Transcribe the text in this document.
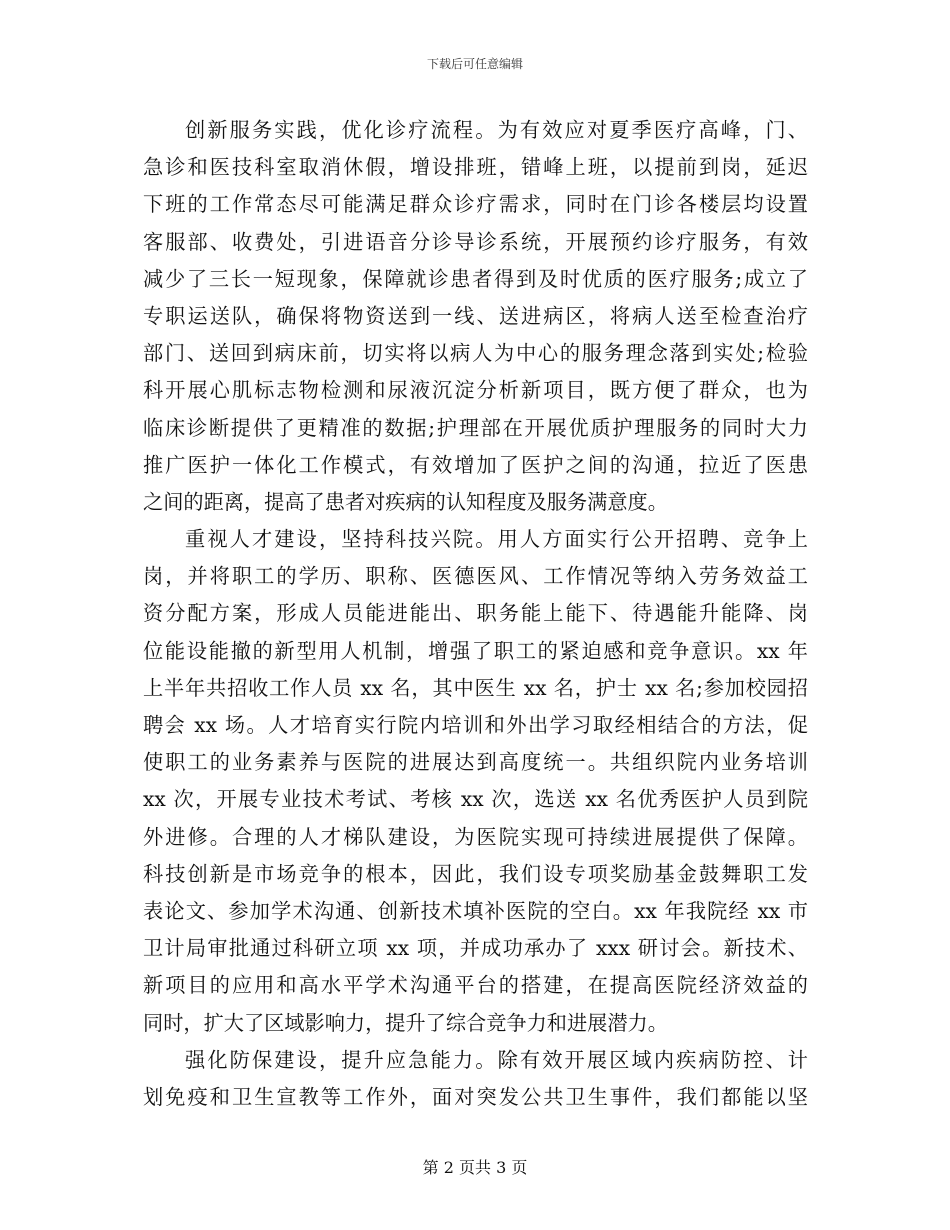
下载后可任意编辑
创新服务实践，优化诊疗流程。为有效应对夏季医疗高峰，门、
急诊和医技科室取消休假，增设排班，错峰上班，以提前到岗，延迟
下班的工作常态尽可能满足群众诊疗需求，同时在门诊各楼层均设置
客服部、收费处，引进语音分诊导诊系统，开展预约诊疗服务，有效
减少了三长一短现象，保障就诊患者得到及时优质的医疗服务;成立了
专职运送队，确保将物资送到一线、送进病区，将病人送至检查治疗
部门、送回到病床前，切实将以病人为中心的服务理念落到实处;检验
科开展心肌标志物检测和尿液沉淀分析新项目，既方便了群众，也为
临床诊断提供了更精准的数据;护理部在开展优质护理服务的同时大力
推广医护一体化工作模式，有效增加了医护之间的沟通，拉近了医患
之间的距离，提高了患者对疾病的认知程度及服务满意度。
重视人才建设，坚持科技兴院。用人方面实行公开招聘、竞争上
岗，并将职工的学历、职称、医德医风、工作情况等纳入劳务效益工
资分配方案，形成人员能进能出、职务能上能下、待遇能升能降、岗
位能设能撤的新型用人机制，增强了职工的紧迫感和竞争意识。xx 年
上半年共招收工作人员 xx 名，其中医生 xx 名，护士 xx 名;参加校园招
聘会 xx 场。人才培育实行院内培训和外出学习取经相结合的方法，促
使职工的业务素养与医院的进展达到高度统一。共组织院内业务培训
xx 次，开展专业技术考试、考核 xx 次，选送 xx 名优秀医护人员到院
外进修。合理的人才梯队建设，为医院实现可持续进展提供了保障。
科技创新是市场竞争的根本，因此，我们设专项奖励基金鼓舞职工发
表论文、参加学术沟通、创新技术填补医院的空白。xx 年我院经 xx 市
卫计局审批通过科研立项 xx 项，并成功承办了 xxx 研讨会。新技术、
新项目的应用和高水平学术沟通平台的搭建，在提高医院经济效益的
同时，扩大了区域影响力，提升了综合竞争力和进展潜力。
强化防保建设，提升应急能力。除有效开展区域内疾病防控、计
划免疫和卫生宣教等工作外，面对突发公共卫生事件，我们都能以坚
第 2 页共 3 页
